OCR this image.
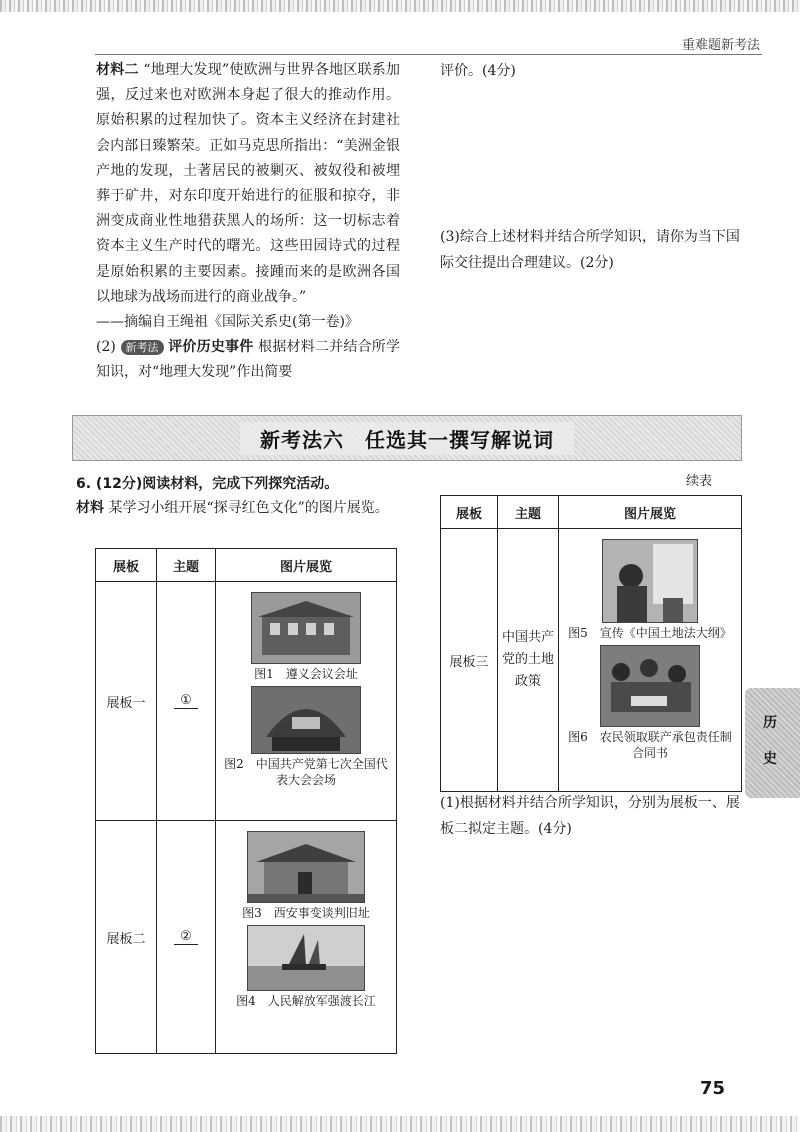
重难题新考法

材料二 “地理大发现”使欧洲与世界各地区联系加强，反过来也对欧洲本身起了很大的推动作用。原始积累的过程加快了。资本主义经济在封建社会内部日臻繁荣。正如马克思所指出：“美洲金银产地的发现，土著居民的被剿灭、被奴役和被埋葬于矿井，对东印度开始进行的征服和掠夺，非洲变成商业性地猎获黑人的场所：这一切标志着资本主义生产时代的曙光。这些田园诗式的过程是原始积累的主要因素。接踵而来的是欧洲各国以地球为战场而进行的商业战争。”

——摘编自王绳祖《国际关系史(第一卷)》

(2) 新考法 评价历史事件 根据材料二并结合所学知识，对“地理大发现”作出简要

评价。(4分)

(3)综合上述材料并结合所学知识，请你为当下国际交往提出合理建议。(2分)

新考法六　任选其一撰写解说词

6. (12分)阅读材料，完成下列探究活动。

材料 某学习小组开展“探寻红色文化”的图片展览。

展板	主题	图片展览
展板一	①	图1　遵义会议会址
图2　中国共产党第七次全国代表大会会场

展板二	②	图3　西安事变谈判旧址
图4　人民解放军强渡长江
续表
展板	主题	图片展览
展板三	中国共产党的土地政策	图5　宣传《中国土地法大纲》
图6　农民领取联产承包责任制合同书

(1)根据材料并结合所学知识，分别为展板一、展板二拟定主题。(4分)

历
史
75
